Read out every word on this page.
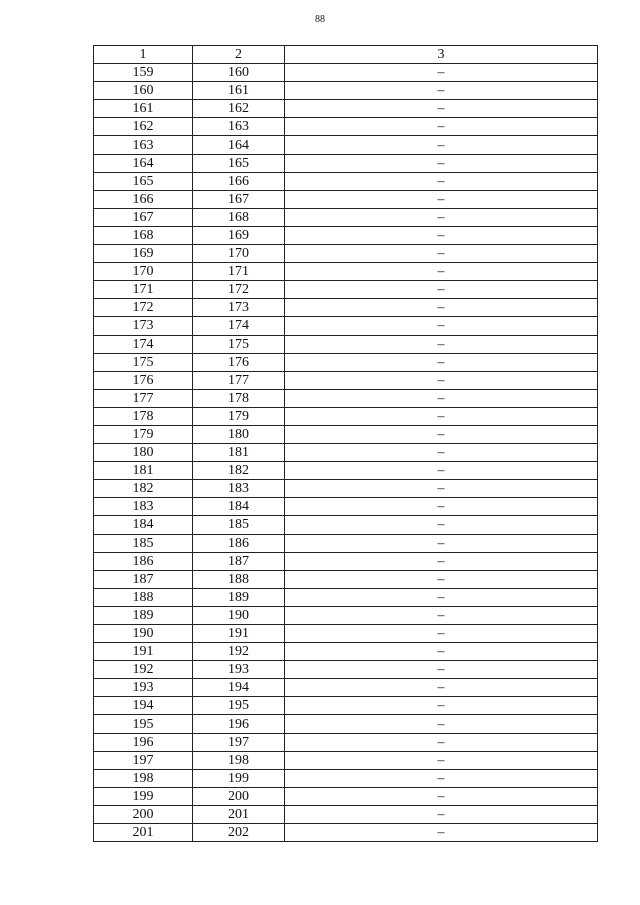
88
1	2	3
159	160	–
160	161	–
161	162	–
162	163	–
163	164	–
164	165	–
165	166	–
166	167	–
167	168	–
168	169	–
169	170	–
170	171	–
171	172	–
172	173	–
173	174	–
174	175	–
175	176	–
176	177	–
177	178	–
178	179	–
179	180	–
180	181	–
181	182	–
182	183	–
183	184	–
184	185	–
185	186	–
186	187	–
187	188	–
188	189	–
189	190	–
190	191	–
191	192	–
192	193	–
193	194	–
194	195	–
195	196	–
196	197	–
197	198	–
198	199	–
199	200	–
200	201	–
201	202	–
